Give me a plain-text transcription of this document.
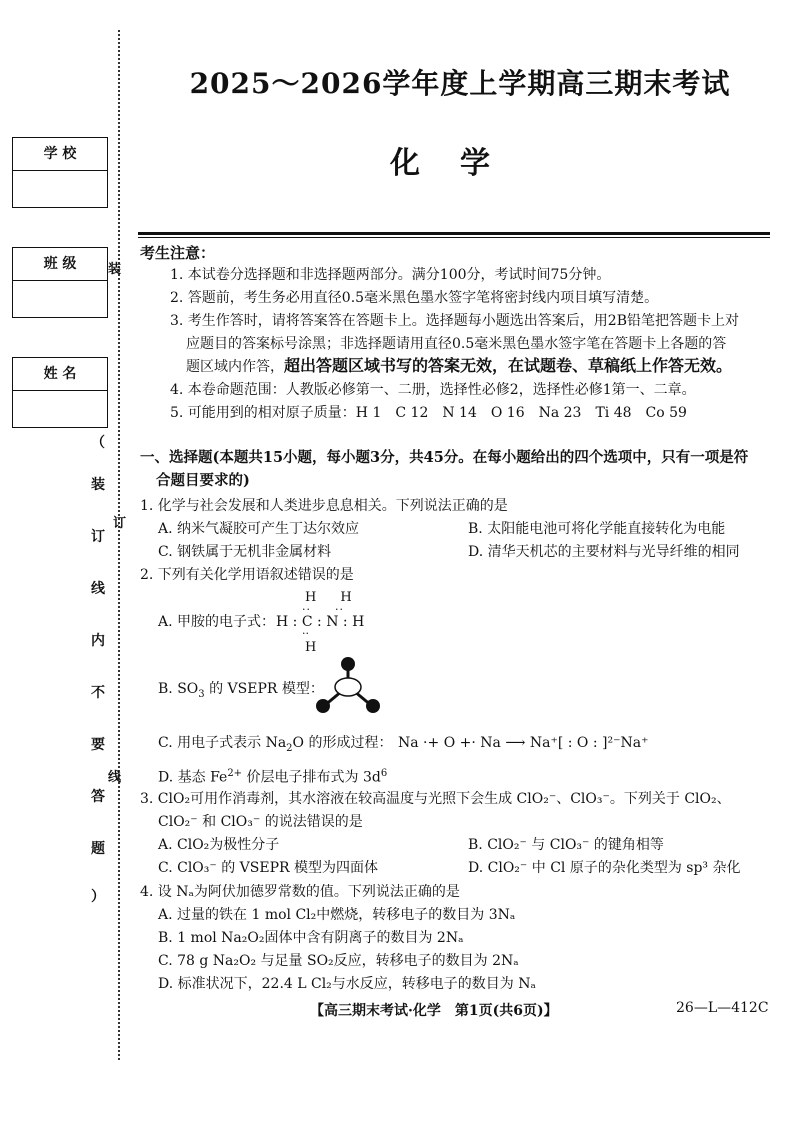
学 校
班 级
姓 名
（
装
订
线
内
不
要
答
题
）
装
订
线
2025～2026学年度上学期高三期末考试
化学
考生注意：
1. 本试卷分选择题和非选择题两部分。满分100分，考试时间75分钟。
2. 答题前，考生务必用直径0.5毫米黑色墨水签字笔将密封线内项目填写清楚。
3. 考生作答时，请将答案答在答题卡上。选择题每小题选出答案后，用2B铅笔把答题卡上对
应题目的答案标号涂黑；非选择题请用直径0.5毫米黑色墨水签字笔在答题卡上各题的答
题区域内作答，超出答题区域书写的答案无效，在试题卷、草稿纸上作答无效。
4. 本卷命题范围：人教版必修第一、二册，选择性必修2，选择性必修1第一、二章。
5. 可能用到的相对原子质量：H 1　C 12　N 14　O 16　Na 23　Ti 48　Co 59
一、选择题(本题共15小题，每小题3分，共45分。在每小题给出的四个选项中，只有一项是符
合题目要求的)
1. 化学与社会发展和人类进步息息相关。下列说法正确的是
A. 纳米气凝胶可产生丁达尔效应	B. 太阳能电池可将化学能直接转化为电能
C. 钢铁属于无机非金属材料	D. 清华天机芯的主要材料与光导纤维的相同
2. 下列有关化学用语叙述错误的是
A. 甲胺的电子式：
H H
·· ··
H : C : N : H
··
H
B. $SO_3$ 的 VSEPR 模型：
C. 用电子式表示 $Na_2O$ 的形成过程： Na ·+ O +· Na ⟶ Na⁺[ : O : ]²⁻Na⁺
D. 基态 $Fe^{2+}$ 价层电子排布式为 $3d^6$
3. ClO₂可用作消毒剂，其水溶液在较高温度与光照下会生成 ClO₂⁻、ClO₃⁻。下列关于 ClO₂、
ClO₂⁻ 和 ClO₃⁻ 的说法错误的是
A. ClO₂为极性分子	B. ClO₂⁻ 与 ClO₃⁻ 的键角相等
C. ClO₃⁻ 的 VSEPR 模型为四面体	D. ClO₂⁻ 中 Cl 原子的杂化类型为 sp³ 杂化
4. 设 Nₐ为阿伏加德罗常数的值。下列说法正确的是
A. 过量的铁在 1 mol Cl₂中燃烧，转移电子的数目为 3Nₐ
B. 1 mol Na₂O₂固体中含有阴离子的数目为 2Nₐ
C. 78 g Na₂O₂ 与足量 SO₂反应，转移电子的数目为 2Nₐ
D. 标准状况下，22.4 L Cl₂与水反应，转移电子的数目为 Nₐ
【高三期末考试·化学　第1页(共6页)】	26—L—412C
